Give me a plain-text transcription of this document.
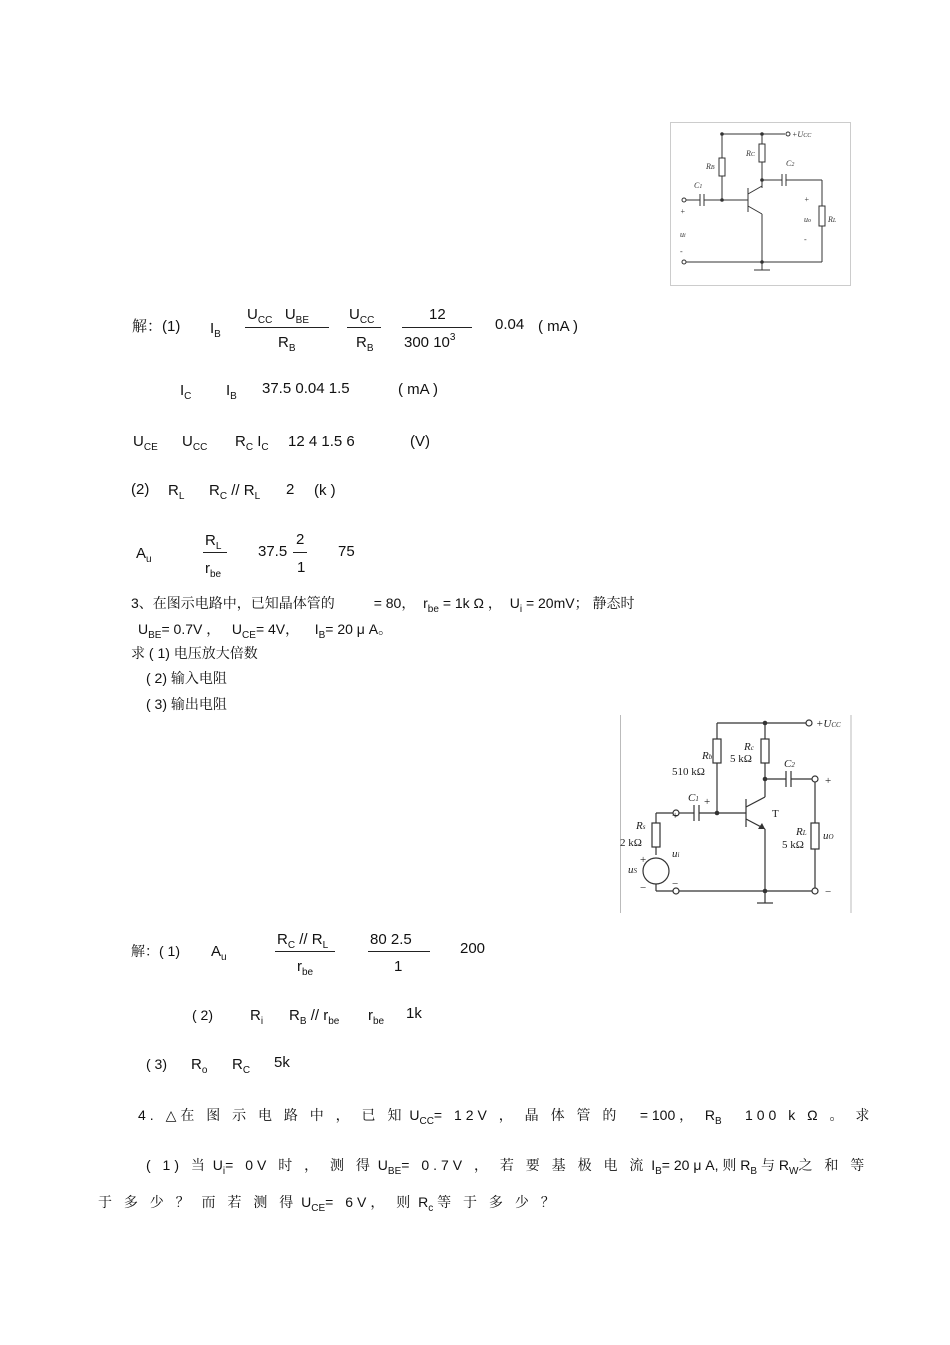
+UCC
RB
RC
C1
C2
ui
uo RL
+
+
-
-
解：(1) $I_B$
$U_{CC}$ $U_{BE}$
$R_B$
$U_{CC}$
$R_B$
12
300 $10^3$
0.04 ( mA )
$I_C$ $I_B$ 37.5 0.04 1.5	( mA )
$U_{CE}$ $U_{CC}$ $R_C$ $I_C$ 12 4 1.5 6	(V)
(2) $R_L$ $R_C // R_L$ 2 (k )
$A_u$
$R_L$
$r_{be}$
37.5
2
1
75
3、在图示电路中，已知晶体管的	= 80， $r_{be} = 1k$ Ω ， $U_i = 20mV$； 静态时
$U_{BE}= 0.7V$ ， $U_{CE}= 4V$，    $I_B= 20$ μ A。
求 ( 1) 电压放大倍数
( 2) 输入电阻
( 3) 输出电阻
+UCC
Rb
510 kΩ
Rc
5 kΩ
C1
C2
Rs
2 kΩ
ui
uS
T
RL
5 kΩ
uO
+
−
+
−
+
+
−
解：( 1) $A_u$
$R_C // R_L$
$r_{be}$
80 2.5
1
200
( 2) $R_i$ $R_B // r_{be}$ $r_{be}$ 1k
( 3) $R_o$ $R_C$ 5k
4. △在 图 示 电 路 中 ， 已 知 $U_{CC}= 12V$ ， 晶 体 管 的 = 100 ， $R_B$ 100 k Ω 。 求
( 1) 当 $U_i= 0V$ 时 ， 测 得 $U_{BE}= 0.7V$ ， 若 要 基 极 电 流 $I_B= 20$ μ A, 则 $R_B$ 与 $R_W$之 和 等
于 多 少 ？ 而 若 测 得 $U_{CE}= 6V$， 则 $R_c$ 等 于 多 少 ？
